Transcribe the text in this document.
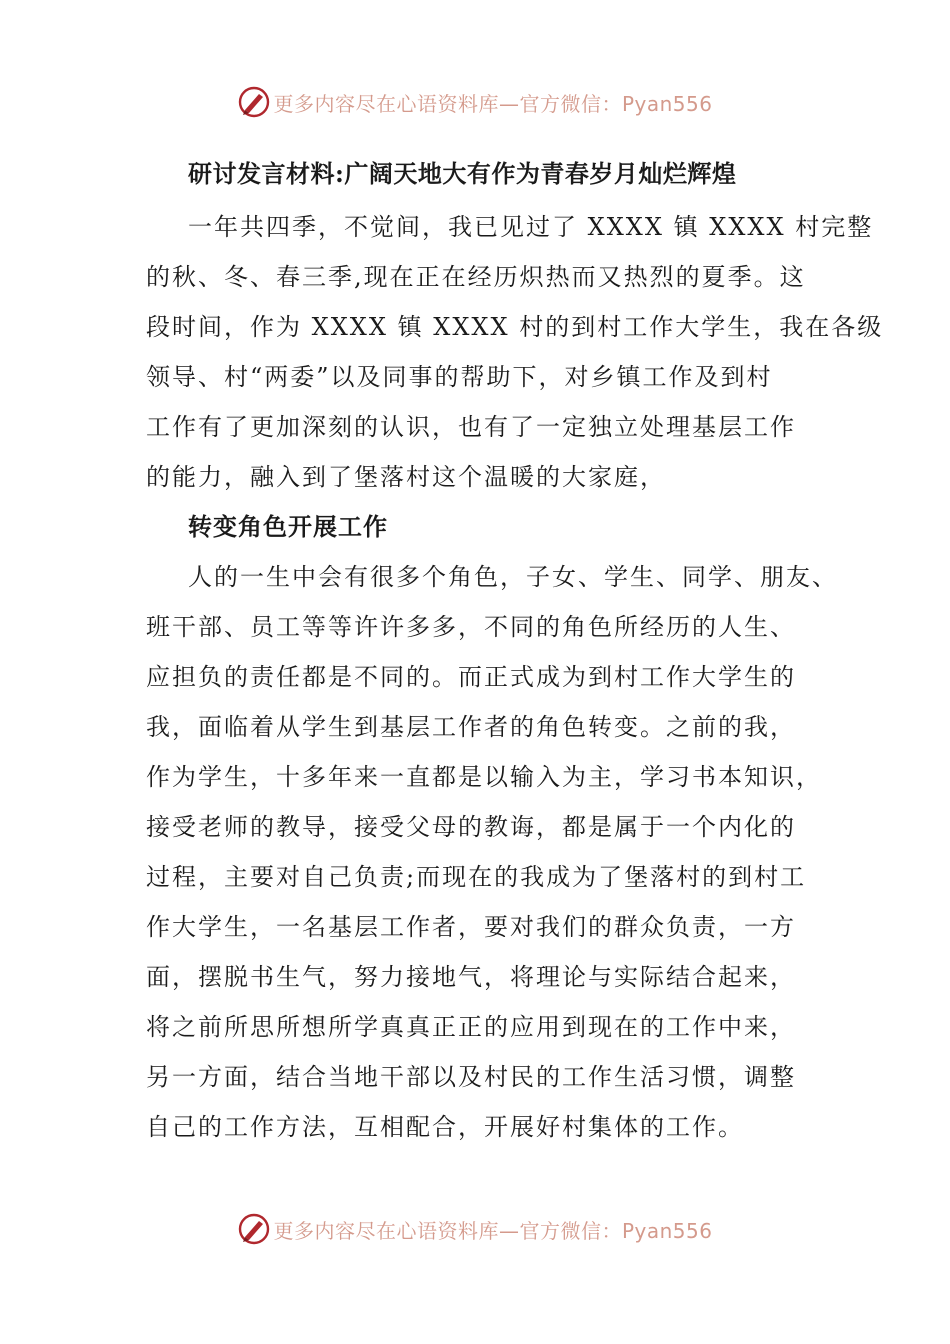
更多内容尽在心语资料库—官方微信：Pyan556
研讨发言材料:广阔天地大有作为青春岁月灿烂辉煌
一年共四季，不觉间，我已见过了 XXXX 镇 XXXX 村完整
的秋、冬、春三季,现在正在经历炽热而又热烈的夏季。这
段时间，作为 XXXX 镇 XXXX 村的到村工作大学生，我在各级
领导、村“两委”以及同事的帮助下，对乡镇工作及到村
工作有了更加深刻的认识，也有了一定独立处理基层工作
的能力，融入到了堡落村这个温暖的大家庭，
转变角色开展工作
人的一生中会有很多个角色，子女、学生、同学、朋友、
班干部、员工等等许许多多，不同的角色所经历的人生、
应担负的责任都是不同的。而正式成为到村工作大学生的
我，面临着从学生到基层工作者的角色转变。之前的我，
作为学生，十多年来一直都是以输入为主，学习书本知识，
接受老师的教导，接受父母的教诲，都是属于一个内化的
过程，主要对自己负责;而现在的我成为了堡落村的到村工
作大学生，一名基层工作者，要对我们的群众负责，一方
面，摆脱书生气，努力接地气，将理论与实际结合起来，
将之前所思所想所学真真正正的应用到现在的工作中来，
另一方面，结合当地干部以及村民的工作生活习惯，调整
自己的工作方法，互相配合，开展好村集体的工作。
更多内容尽在心语资料库—官方微信：Pyan556
